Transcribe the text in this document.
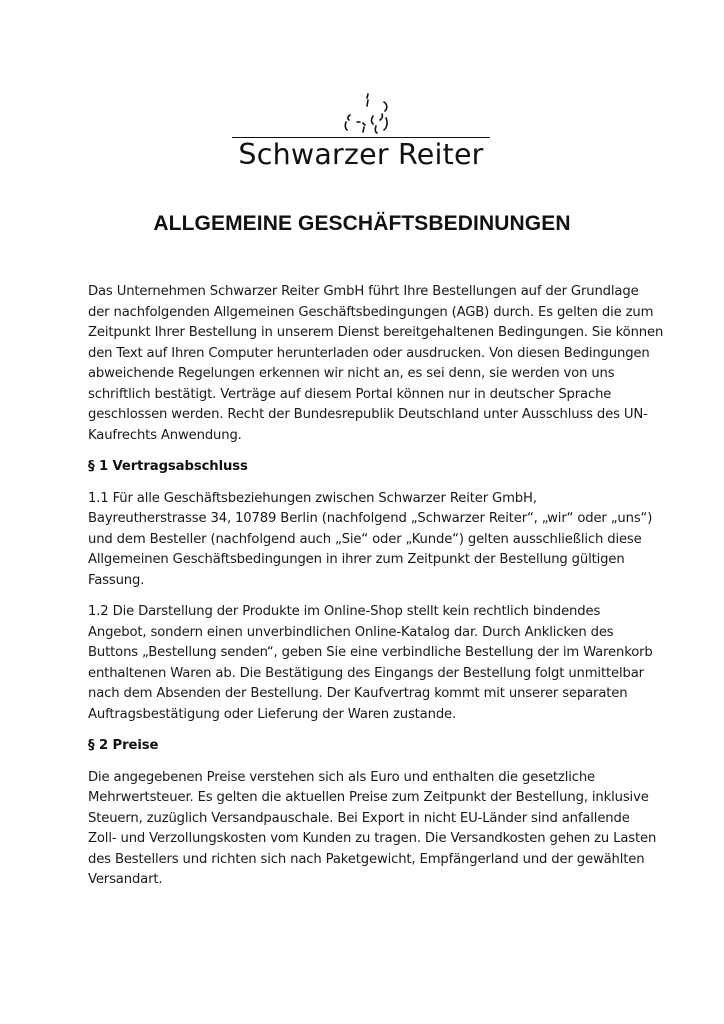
Schwarzer Reiter
ALLGEMEINE GESCHÄFTSBEDINUNGEN
Das Unternehmen Schwarzer Reiter GmbH führt Ihre Bestellungen auf der Grundlage
der nachfolgenden Allgemeinen Geschäftsbedingungen (AGB) durch. Es gelten die zum
Zeitpunkt Ihrer Bestellung in unserem Dienst bereitgehaltenen Bedingungen. Sie können
den Text auf Ihren Computer herunterladen oder ausdrucken. Von diesen Bedingungen
abweichende Regelungen erkennen wir nicht an, es sei denn, sie werden von uns
schriftlich bestätigt. Verträge auf diesem Portal können nur in deutscher Sprache
geschlossen werden. Recht der Bundesrepublik Deutschland unter Ausschluss des UN-
Kaufrechts Anwendung.
§ 1 Vertragsabschluss
1.1 Für alle Geschäftsbeziehungen zwischen Schwarzer Reiter GmbH,
Bayreutherstrasse 34, 10789 Berlin (nachfolgend „Schwarzer Reiter“, „wir“ oder „uns“)
und dem Besteller (nachfolgend auch „Sie“ oder „Kunde“) gelten ausschließlich diese
Allgemeinen Geschäftsbedingungen in ihrer zum Zeitpunkt der Bestellung gültigen
Fassung.
1.2 Die Darstellung der Produkte im Online-Shop stellt kein rechtlich bindendes
Angebot, sondern einen unverbindlichen Online-Katalog dar. Durch Anklicken des
Buttons „Bestellung senden“, geben Sie eine verbindliche Bestellung der im Warenkorb
enthaltenen Waren ab. Die Bestätigung des Eingangs der Bestellung folgt unmittelbar
nach dem Absenden der Bestellung. Der Kaufvertrag kommt mit unserer separaten
Auftragsbestätigung oder Lieferung der Waren zustande.
§ 2 Preise
Die angegebenen Preise verstehen sich als Euro und enthalten die gesetzliche
Mehrwertsteuer. Es gelten die aktuellen Preise zum Zeitpunkt der Bestellung, inklusive
Steuern, zuzüglich Versandpauschale. Bei Export in nicht EU-Länder sind anfallende
Zoll- und Verzollungskosten vom Kunden zu tragen. Die Versandkosten gehen zu Lasten
des Bestellers und richten sich nach Paketgewicht, Empfängerland und der gewählten
Versandart.
